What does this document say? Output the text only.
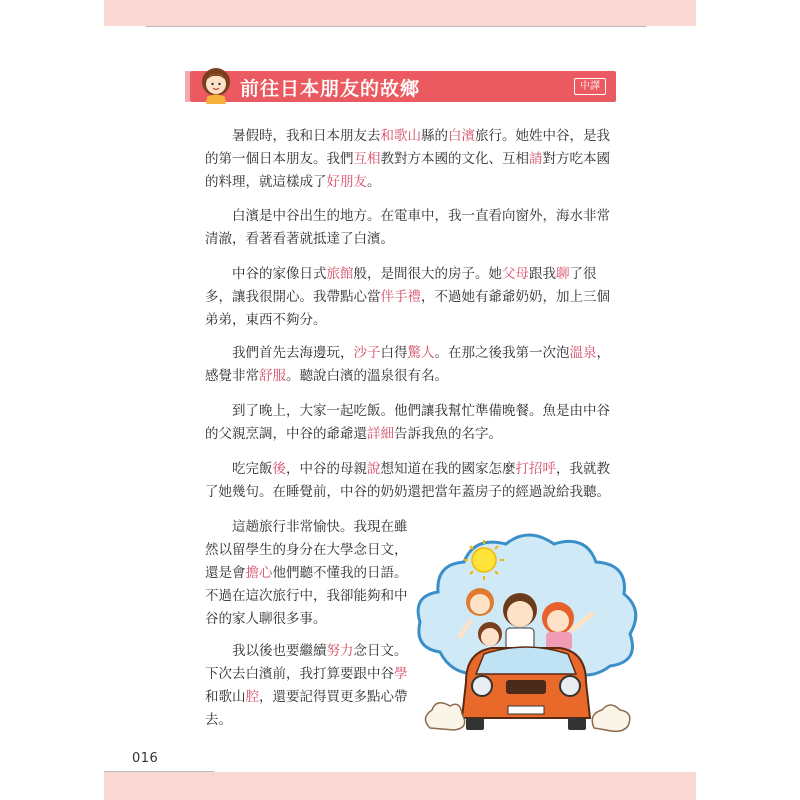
前往日本朋友的故鄉	中譯

暑假時，我和日本朋友去和歌山縣的白濱旅行。她姓中谷，是我的第一個日本朋友。我們互相教對方本國的文化、互相請對方吃本國的料理，就這樣成了好朋友。

白濱是中谷出生的地方。在電車中，我一直看向窗外，海水非常清澈，看著看著就抵達了白濱。

中谷的家像日式旅館般，是間很大的房子。她父母跟我聊了很多，讓我很開心。我帶點心當伴手禮，不過她有爺爺奶奶，加上三個弟弟，東西不夠分。

我們首先去海邊玩，沙子白得驚人。在那之後我第一次泡溫泉，感覺非常舒服。聽說白濱的溫泉很有名。

到了晚上，大家一起吃飯。他們讓我幫忙準備晚餐。魚是由中谷的父親烹調，中谷的爺爺還詳細告訴我魚的名字。

吃完飯後，中谷的母親說想知道在我的國家怎麼打招呼，我就教了她幾句。在睡覺前，中谷的奶奶還把當年蓋房子的經過說給我聽。

這趟旅行非常愉快。我現在雖然以留學生的身分在大學念日文，還是會擔心他們聽不懂我的日語。不過在這次旅行中，我卻能夠和中谷的家人聊很多事。

我以後也要繼續努力念日文。下次去白濱前，我打算要跟中谷學和歌山腔，還要記得買更多點心帶去。

016
